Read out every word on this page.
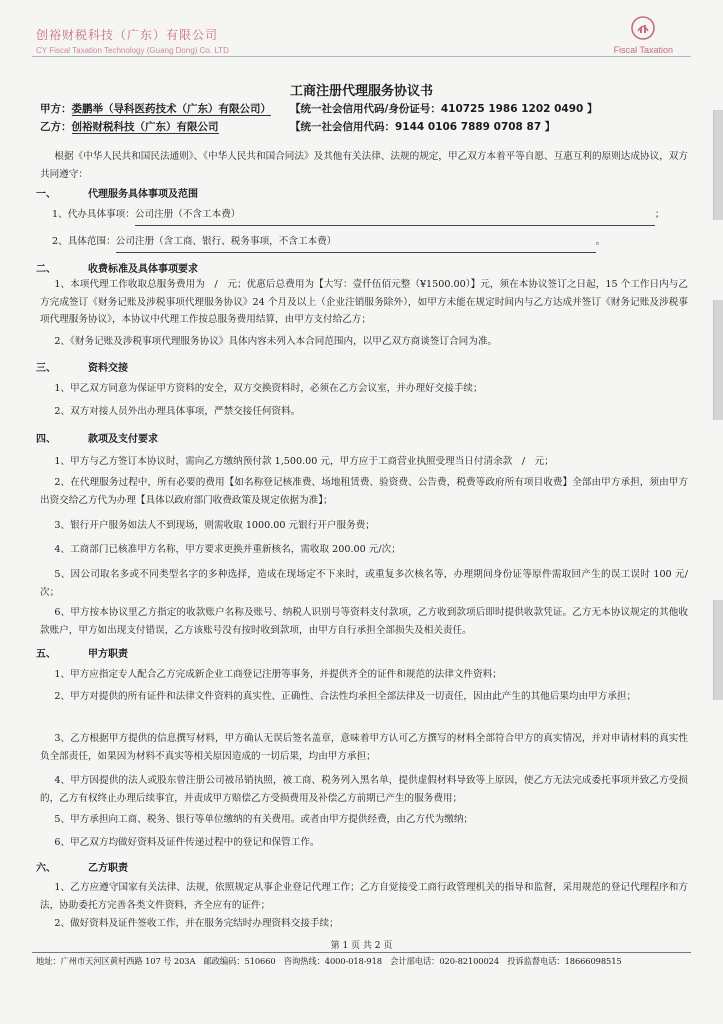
创裕财税科技（广东）有限公司
CY Fiscal Taxation Technology (Guang Dong) Co. LTD	Fiscal Taxation
工商注册代理服务协议书
甲方：娄鹏举（导科医药技术（广东）有限公司） 【统一社会信用代码/身份证号：410725 1986 1202 0490 】
乙方：创裕财税科技（广东）有限公司	【统一社会信用代码：9144 0106 7889 0708 87 】
根据《中华人民共和国民法通则》、《中华人民共和国合同法》及其他有关法律、法规的规定，甲乙双方本着平等自愿、互惠互利的原则达成协议，双方共同遵守：
一、	代理服务具体事项及范围
1、代办具体事项：公司注册（不含工本费）	；
2、具体范围：公司注册（含工商、银行、税务事项，不含工本费）	。
二、	收费标准及具体事项要求
1、本项代理工作收取总服务费用为　/　元；优惠后总费用为【大写：壹仟伍佰元整（¥1500.00）】元，须在本协议签订之日起，15 个工作日内与乙方完成签订《财务记账及涉税事项代理服务协议》24 个月及以上（企业注销服务除外），如甲方未能在规定时间内与乙方达成并签订《财务记账及涉税事项代理服务协议》，本协议中代理工作按总服务费用结算，由甲方支付给乙方；
2、《财务记账及涉税事项代理服务协议》具体内容未列入本合同范围内，以甲乙双方商谈签订合同为准。
三、	资料交接
1、甲乙双方同意为保证甲方资料的安全，双方交换资料时，必须在乙方会议室，并办理好交接手续；
2、双方对接人员外出办理具体事项，严禁交接任何资料。
四、	款项及支付要求
1、甲方与乙方签订本协议时，需向乙方缴纳预付款 1,500.00 元，甲方应于工商营业执照受理当日付清余款　/　元；
2、在代理服务过程中，所有必要的费用【如名称登记核准费、场地租赁费、验资费、公告费，税费等政府所有项目收费】全部由甲方承担，须由甲方出资交给乙方代为办理【具体以政府部门收费政策及规定依据为准】；
3、银行开户服务如法人不到现场，则需收取 1000.00 元银行开户服务费；
4、工商部门已核准甲方名称，甲方要求更换并重新核名，需收取 200.00 元/次；
5、因公司取名多或不同类型名字的多种选择，造成在现场定不下来时，或重复多次核名等，办理期间身份证等原件需取回产生的误工误时 100 元/次；
6、甲方按本协议里乙方指定的收款账户名称及账号、纳税人识别号等资料支付款项，乙方收到款项后即时提供收款凭证。乙方无本协议规定的其他收款账户，甲方如出现支付错误，乙方该账号没有按时收到款项，由甲方自行承担全部损失及相关责任。
五、	甲方职责
1、甲方应指定专人配合乙方完成新企业工商登记注册等事务，并提供齐全的证件和规范的法律文件资料；
2、甲方对提供的所有证件和法律文件资料的真实性、正确性、合法性均承担全部法律及一切责任，因由此产生的其他后果均由甲方承担；
3、乙方根据甲方提供的信息撰写材料，甲方确认无误后签名盖章，意味着甲方认可乙方撰写的材料全部符合甲方的真实情况，并对申请材料的真实性负全部责任，如果因为材料不真实等相关原因造成的一切后果，均由甲方承担；
4、甲方因提供的法人或股东曾注册公司被吊销执照，被工商、税务列入黑名单，提供虚假材料导致等上原因，使乙方无法完成委托事项并致乙方受损的，乙方有权终止办理后续事宜，并责成甲方赔偿乙方受损费用及补偿乙方前期已产生的服务费用；
5、甲方承担向工商、税务、银行等单位缴纳的有关费用。或者由甲方提供经费，由乙方代为缴纳；
6、甲乙双方均做好资料及证件传递过程中的登记和保管工作。
六、	乙方职责
1、乙方应遵守国家有关法律、法规，依照规定从事企业登记代理工作；乙方自觉接受工商行政管理机关的指导和监督，采用规范的登记代理程序和方法，协助委托方完善各类文件资料，齐全应有的证件；
2、做好资料及证件签收工作，并在服务完结时办理资料交接手续；
第 1 页 共 2 页
地址：广州市天河区黄村西路 107 号 203A　邮政编码：510660　咨询热线：4000-018-918　会计部电话：020-82100024　投诉监督电话：18666098515
